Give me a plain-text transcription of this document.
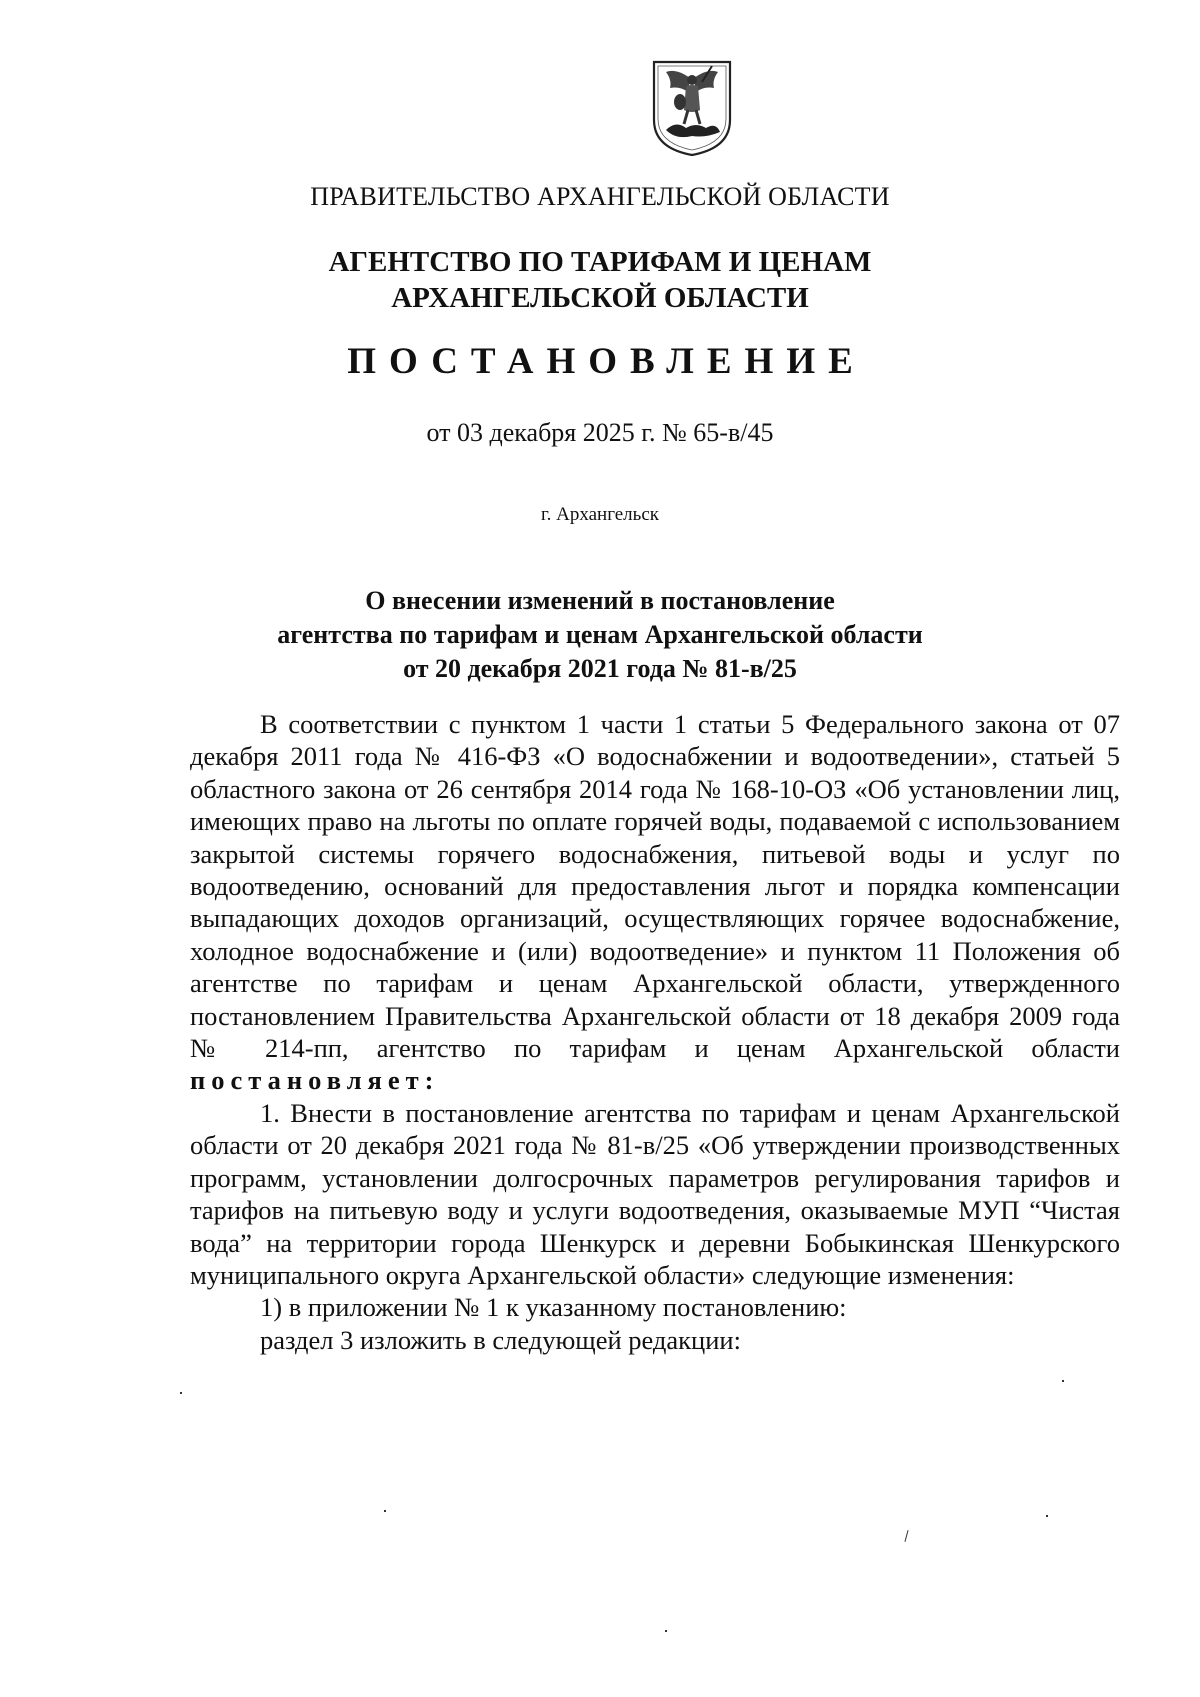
ПРАВИТЕЛЬСТВО АРХАНГЕЛЬСКОЙ ОБЛАСТИ

АГЕНТСТВО ПО ТАРИФАМ И ЦЕНАМ
АРХАНГЕЛЬСКОЙ ОБЛАСТИ

ПОСТАНОВЛЕНИЕ

от 03 декабря 2025 г. № 65-в/45

г. Архангельск

О внесении изменений в постановление
агентства по тарифам и ценам Архангельской области
от 20 декабря 2021 года № 81-в/25

В соответствии с пунктом 1 части 1 статьи 5 Федерального закона от 07 декабря 2011 года № 416-ФЗ «О водоснабжении и водоотведении», статьей 5 областного закона от 26 сентября 2014 года № 168-10-ОЗ «Об установлении лиц, имеющих право на льготы по оплате горячей воды, подаваемой с использованием закрытой системы горячего водоснабжения, питьевой воды и услуг по водоотведению, оснований для предоставления льгот и порядка компенсации выпадающих доходов организаций, осуществляющих горячее водоснабжение, холодное водоснабжение и (или) водоотведение» и пунктом 11 Положения об агентстве по тарифам и ценам Архангельской области, утвержденного постановлением Правительства Архангельской области от 18 декабря 2009 года № 214-пп, агентство по тарифам и ценам Архангельской области постановляет:

1. Внести в постановление агентства по тарифам и ценам Архангельской области от 20 декабря 2021 года № 81-в/25 «Об утверждении производственных программ, установлении долгосрочных параметров регулирования тарифов и тарифов на питьевую воду и услуги водоотведения, оказываемые МУП “Чистая вода” на территории города Шенкурск и деревни Бобыкинская Шенкурского муниципального округа Архангельской области» следующие изменения:

1) в приложении № 1 к указанному постановлению:

раздел 3 изложить в следующей редакции:
